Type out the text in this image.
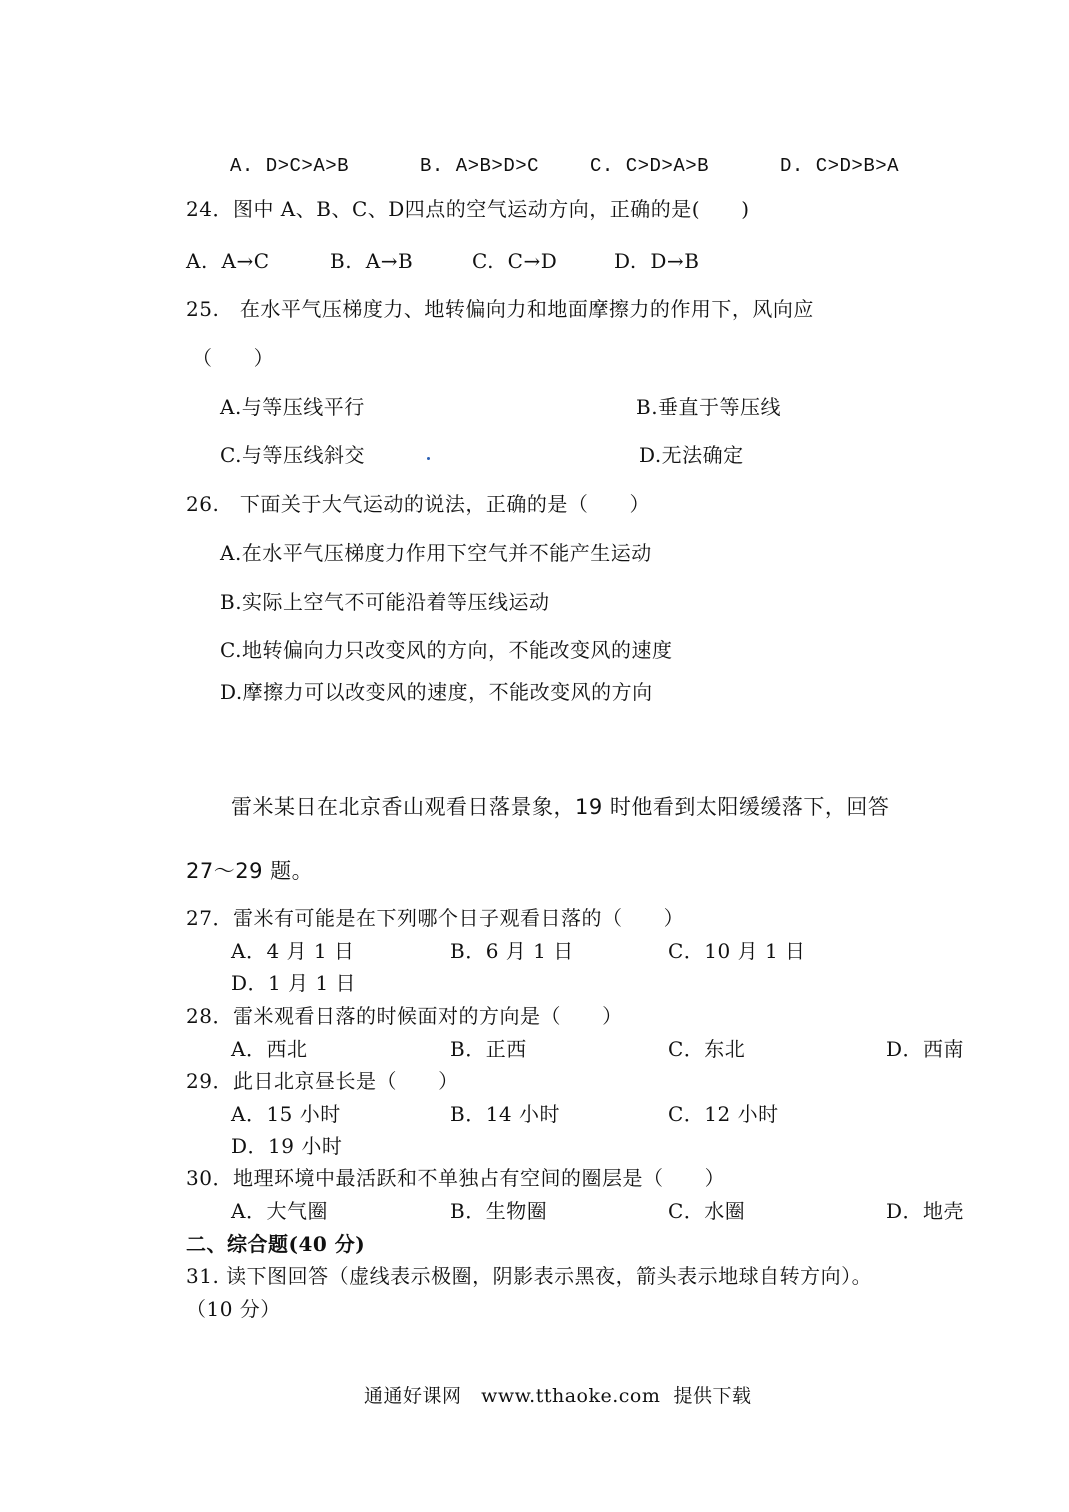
A. D>C>A>B	B. A>B>D>C	C. C>D>A>B	D. C>D>B>A
24．图中 A、B、C、D四点的空气运动方向，正确的是(      )
A.  A→C	B.  A→B	C.  C→D	D.  D→B
25.   在水平气压梯度力、地转偏向力和地面摩擦力的作用下，风向应
（      ）
A.与等压线平行	B.垂直于等压线
C.与等压线斜交	D.无法确定
26.   下面关于大气运动的说法，正确的是（      ）
A.在水平气压梯度力作用下空气并不能产生运动
B.实际上空气不可能沿着等压线运动
C.地转偏向力只改变风的方向，不能改变风的速度
D.摩擦力可以改变风的速度，不能改变风的方向
雷米某日在北京香山观看日落景象，19 时他看到太阳缓缓落下，回答
27～29 题。
27．雷米有可能是在下列哪个日子观看日落的（      ）
A．4 月 1 日	B．6 月 1 日	C．10 月 1 日
D．1 月 1 日
28．雷米观看日落的时候面对的方向是（      ）
A．西北	B．正西	C．东北	D．西南
29．此日北京昼长是（      ）
A．15 小时	B．14 小时	C．12 小时
D．19 小时
30．地理环境中最活跃和不单独占有空间的圈层是（      ）
A．大气圈	B．生物圈	C．水圈	D．地壳
二、综合题(40 分)
31. 读下图回答（虚线表示极圈，阴影表示黑夜，箭头表示地球自转方向）。
（10 分）
通通好课网   www.tthaoke.com  提供下载
